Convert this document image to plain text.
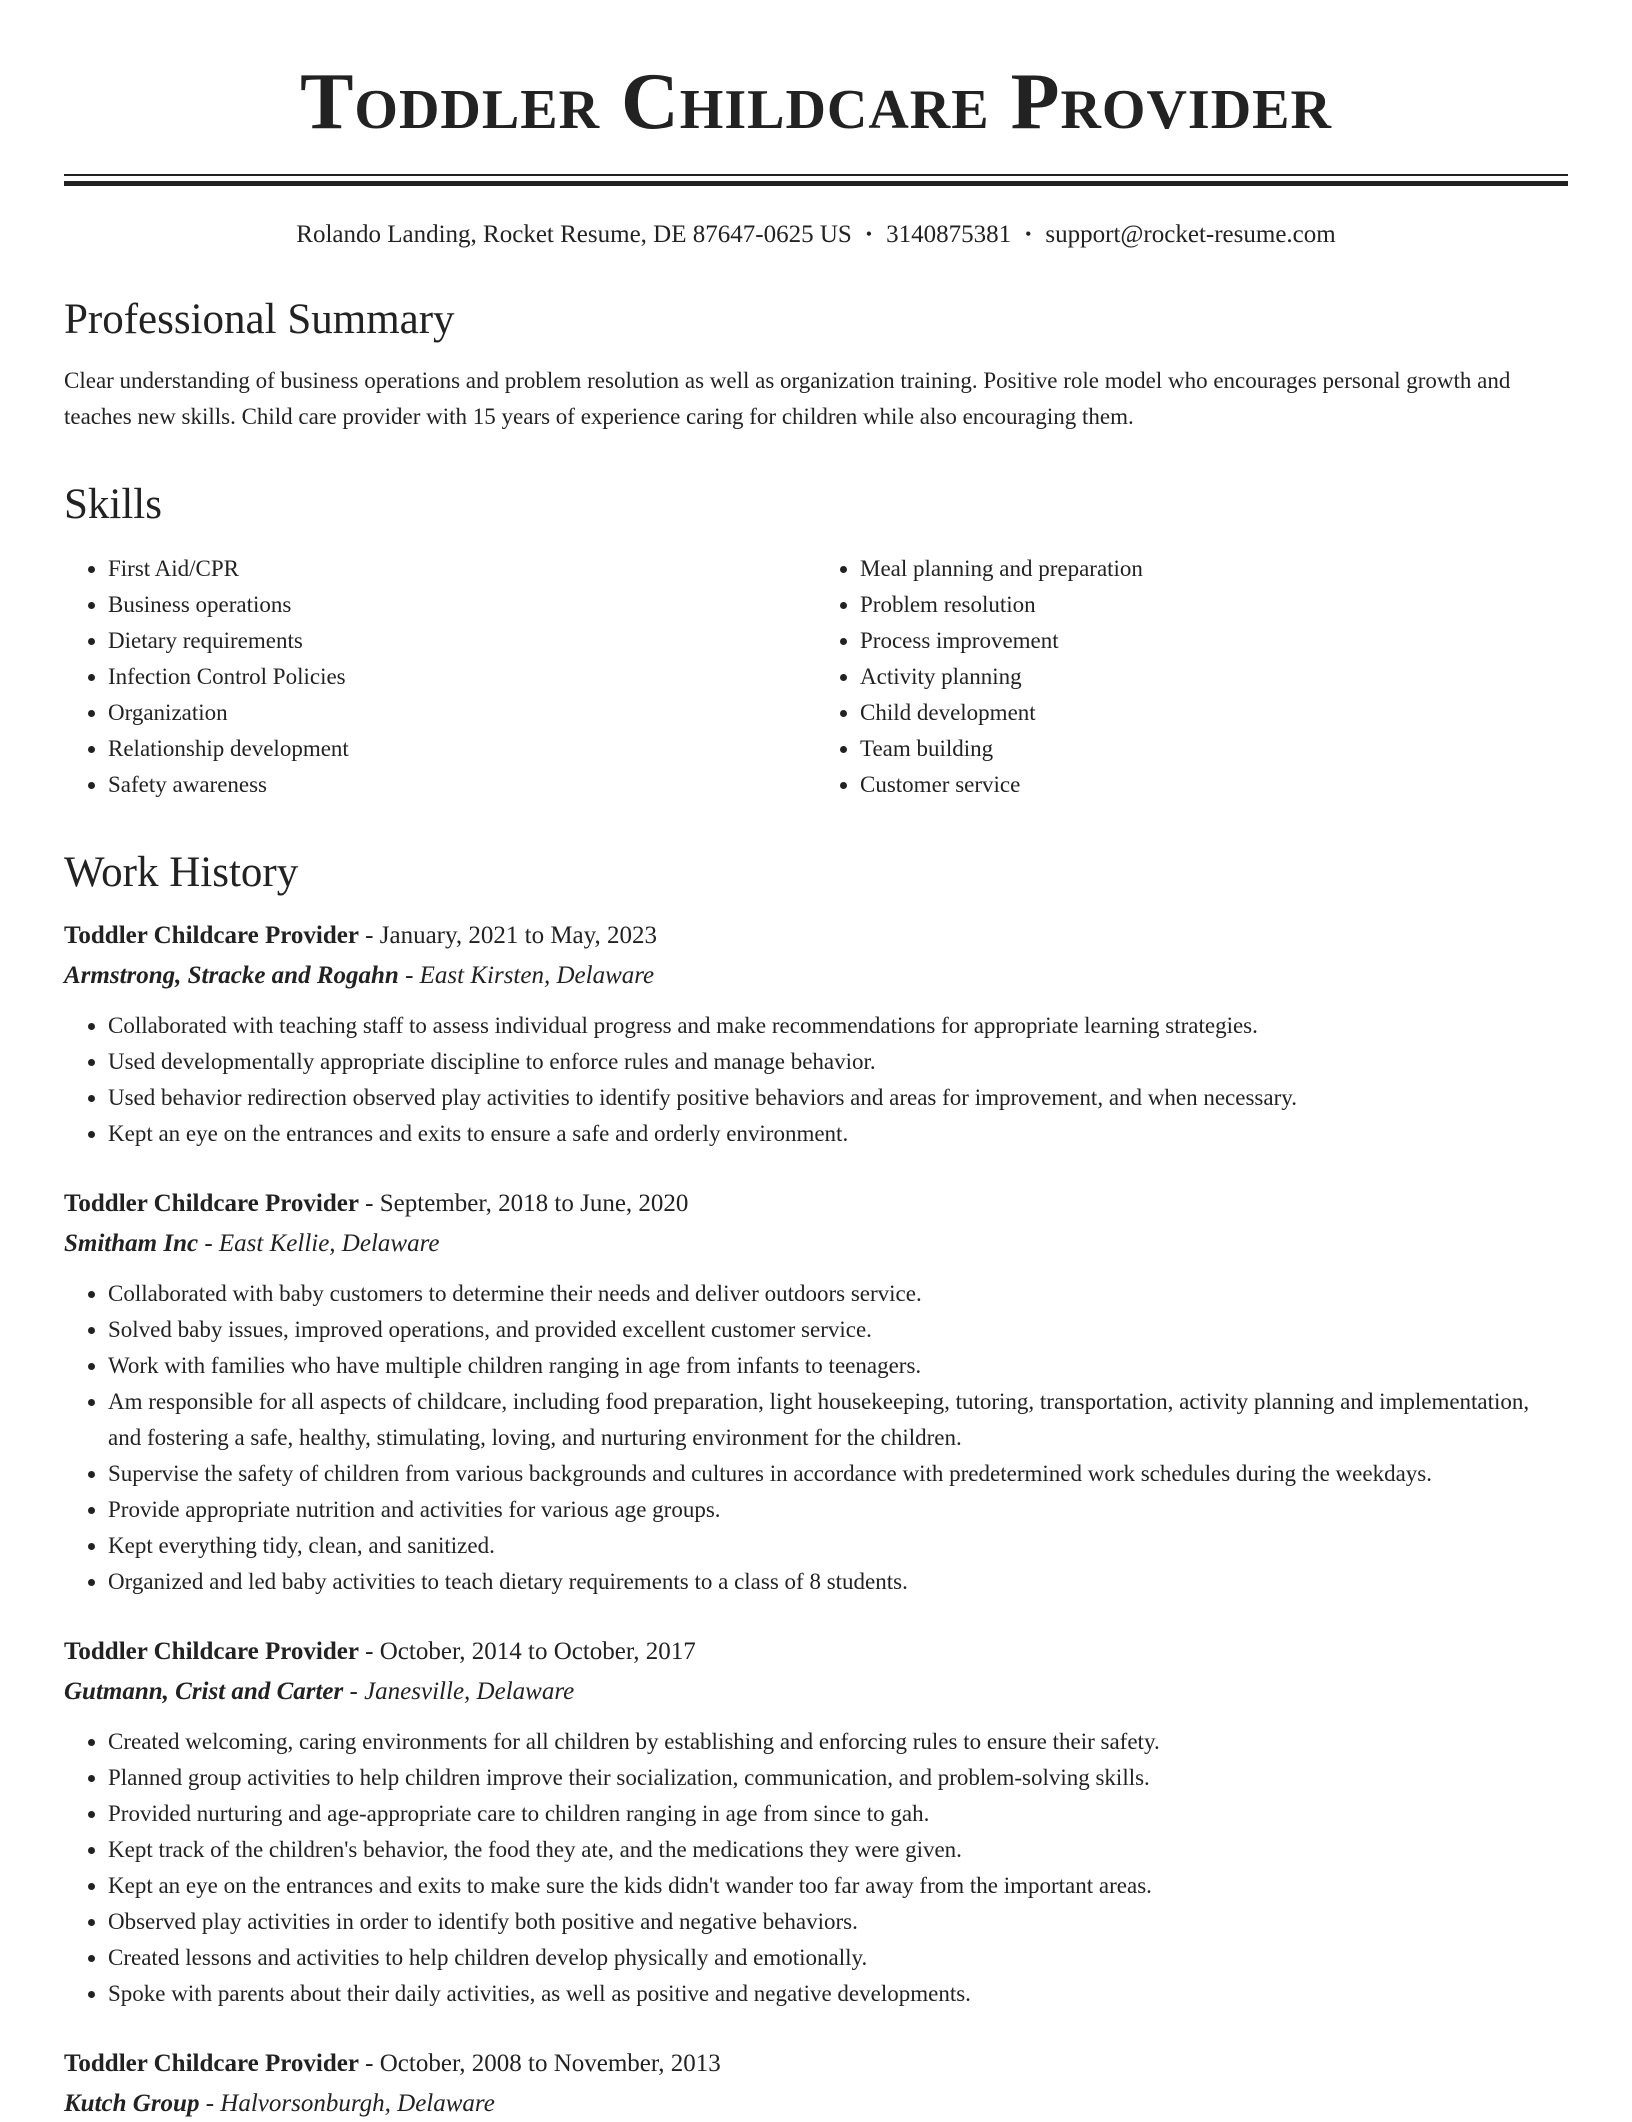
Toddler Childcare Provider
Rolando Landing, Rocket Resume, DE 87647-0625 US • 3140875381 • support@rocket-resume.com
Professional Summary
Clear understanding of business operations and problem resolution as well as organization training. Positive role model who encourages personal growth and teaches new skills. Child care provider with 15 years of experience caring for children while also encouraging them.
Skills
• First Aid/CPR
• Business operations
• Dietary requirements
• Infection Control Policies
• Organization
• Relationship development
• Safety awareness
• Meal planning and preparation
• Problem resolution
• Process improvement
• Activity planning
• Child development
• Team building
• Customer service
Work History
Toddler Childcare Provider - January, 2021 to May, 2023
Armstrong, Stracke and Rogahn - East Kirsten, Delaware
• Collaborated with teaching staff to assess individual progress and make recommendations for appropriate learning strategies.
• Used developmentally appropriate discipline to enforce rules and manage behavior.
• Used behavior redirection observed play activities to identify positive behaviors and areas for improvement, and when necessary.
• Kept an eye on the entrances and exits to ensure a safe and orderly environment.
Toddler Childcare Provider - September, 2018 to June, 2020
Smitham Inc - East Kellie, Delaware
• Collaborated with baby customers to determine their needs and deliver outdoors service.
• Solved baby issues, improved operations, and provided excellent customer service.
• Work with families who have multiple children ranging in age from infants to teenagers.
• Am responsible for all aspects of childcare, including food preparation, light housekeeping, tutoring, transportation, activity planning and implementation, and fostering a safe, healthy, stimulating, loving, and nurturing environment for the children.
• Supervise the safety of children from various backgrounds and cultures in accordance with predetermined work schedules during the weekdays.
• Provide appropriate nutrition and activities for various age groups.
• Kept everything tidy, clean, and sanitized.
• Organized and led baby activities to teach dietary requirements to a class of 8 students.
Toddler Childcare Provider - October, 2014 to October, 2017
Gutmann, Crist and Carter - Janesville, Delaware
• Created welcoming, caring environments for all children by establishing and enforcing rules to ensure their safety.
• Planned group activities to help children improve their socialization, communication, and problem-solving skills.
• Provided nurturing and age-appropriate care to children ranging in age from since to gah.
• Kept track of the children's behavior, the food they ate, and the medications they were given.
• Kept an eye on the entrances and exits to make sure the kids didn't wander too far away from the important areas.
• Observed play activities in order to identify both positive and negative behaviors.
• Created lessons and activities to help children develop physically and emotionally.
• Spoke with parents about their daily activities, as well as positive and negative developments.
Toddler Childcare Provider - October, 2008 to November, 2013
Kutch Group - Halvorsonburgh, Delaware
